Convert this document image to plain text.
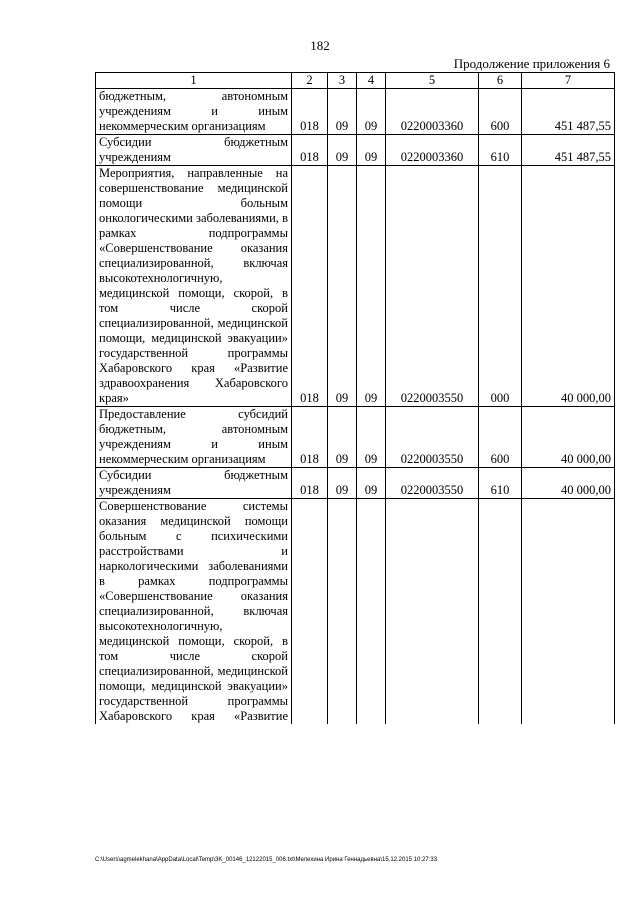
182
Продолжение приложения 6
1	2	3	4	5	6	7
бюджетным, автономным учреждениям и иным
некоммерческим организациям	018	09	09	0220003360	600	451 487,55
Субсидии бюджетным
учреждениям	018	09	09	0220003360	610	451 487,55
Мероприятия, направленные на совершенствование медицинской помощи больным онкологическими заболеваниями, в рамках подпрограммы «Совершенствование оказания специализированной, включая высокотехнологичную, медицинской помощи, скорой, в том числе скорой специализированной, медицинской помощи, медицинской эвакуации» государственной программы Хабаровского края «Развитие здравоохранения Хабаровского
края»	018	09	09	0220003550	000	40 000,00
Предоставление субсидий бюджетным, автономным учреждениям и иным
некоммерческим организациям	018	09	09	0220003550	600	40 000,00
Субсидии бюджетным
учреждениям	018	09	09	0220003550	610	40 000,00
Совершенствование системы оказания медицинской помощи больным с психическими расстройствами и наркологическими заболеваниями в рамках подпрограммы «Совершенствование оказания специализированной, включая высокотехнологичную, медицинской помощи, скорой, в том числе скорой специализированной, медицинской помощи, медицинской эвакуации» государственной программы Хабаровского края «Развитие						
C:\Users\agmelekhana\AppData\Local\Temp\3K_00146_12122015_006.txt\Мелехина Ирина Геннадьевна\15.12.2015 10:27:33
